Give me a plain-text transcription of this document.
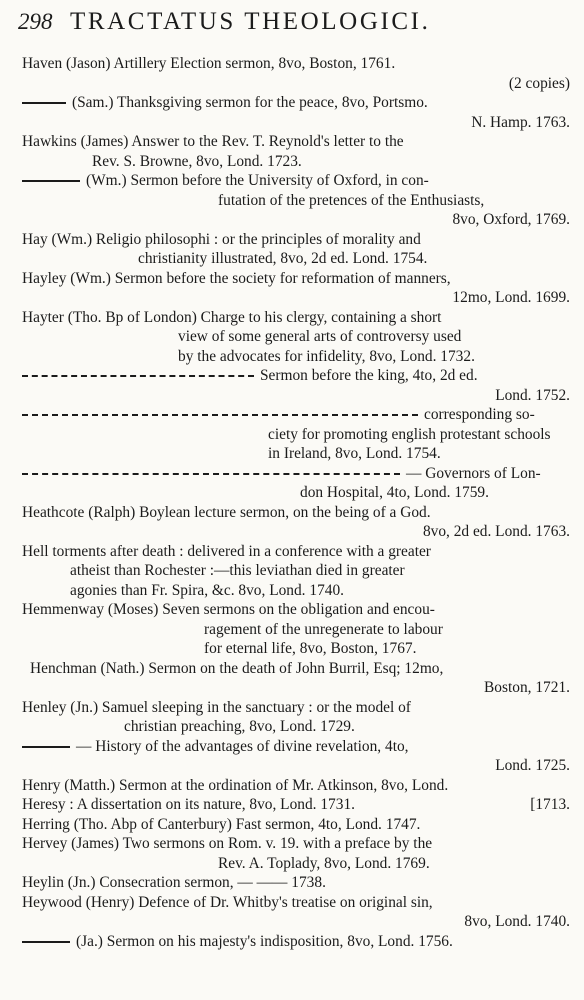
298 TRACTATUS THEOLOGICI.
Haven (Jason) Artillery Election sermon, 8vo, Boston, 1761.
(2 copies)
(Sam.) Thanksgiving sermon for the peace, 8vo, Portsmo.
N. Hamp. 1763.
Hawkins (James) Answer to the Rev. T. Reynold's letter to the
Rev. S. Browne, 8vo, Lond. 1723.
(Wm.) Sermon before the University of Oxford, in con-
futation of the pretences of the Enthusiasts,
8vo, Oxford, 1769.
Hay (Wm.) Religio philosophi : or the principles of morality and
christianity illustrated, 8vo, 2d ed. Lond. 1754.
Hayley (Wm.) Sermon before the society for reformation of manners,
12mo, Lond. 1699.
Hayter (Tho. Bp of London) Charge to his clergy, containing a short
view of some general arts of controversy used
by the advocates for infidelity, 8vo, Lond. 1732.
Sermon before the king, 4to, 2d ed.
Lond. 1752.
corresponding so-
ciety for promoting english protestant schools
in Ireland, 8vo, Lond. 1754.
— Governors of Lon-
don Hospital, 4to, Lond. 1759.
Heathcote (Ralph) Boylean lecture sermon, on the being of a God.
8vo, 2d ed. Lond. 1763.
Hell torments after death : delivered in a conference with a greater
atheist than Rochester :—this leviathan died in greater
agonies than Fr. Spira, &c. 8vo, Lond. 1740.
Hemmenway (Moses) Seven sermons on the obligation and encou-
ragement of the unregenerate to labour
for eternal life, 8vo, Boston, 1767.
Henchman (Nath.) Sermon on the death of John Burril, Esq; 12mo,
Boston, 1721.
Henley (Jn.) Samuel sleeping in the sanctuary : or the model of
christian preaching, 8vo, Lond. 1729.
— History of the advantages of divine revelation, 4to,
Lond. 1725.
Henry (Matth.) Sermon at the ordination of Mr. Atkinson, 8vo, Lond.
Heresy : A dissertation on its nature, 8vo, Lond. 1731.	[1713.
Herring (Tho. Abp of Canterbury) Fast sermon, 4to, Lond. 1747.
Hervey (James) Two sermons on Rom. v. 19. with a preface by the
Rev. A. Toplady, 8vo, Lond. 1769.
Heylin (Jn.) Consecration sermon, — —— 1738.
Heywood (Henry) Defence of Dr. Whitby's treatise on original sin,
8vo, Lond. 1740.
(Ja.) Sermon on his majesty's indisposition, 8vo, Lond. 1756.
